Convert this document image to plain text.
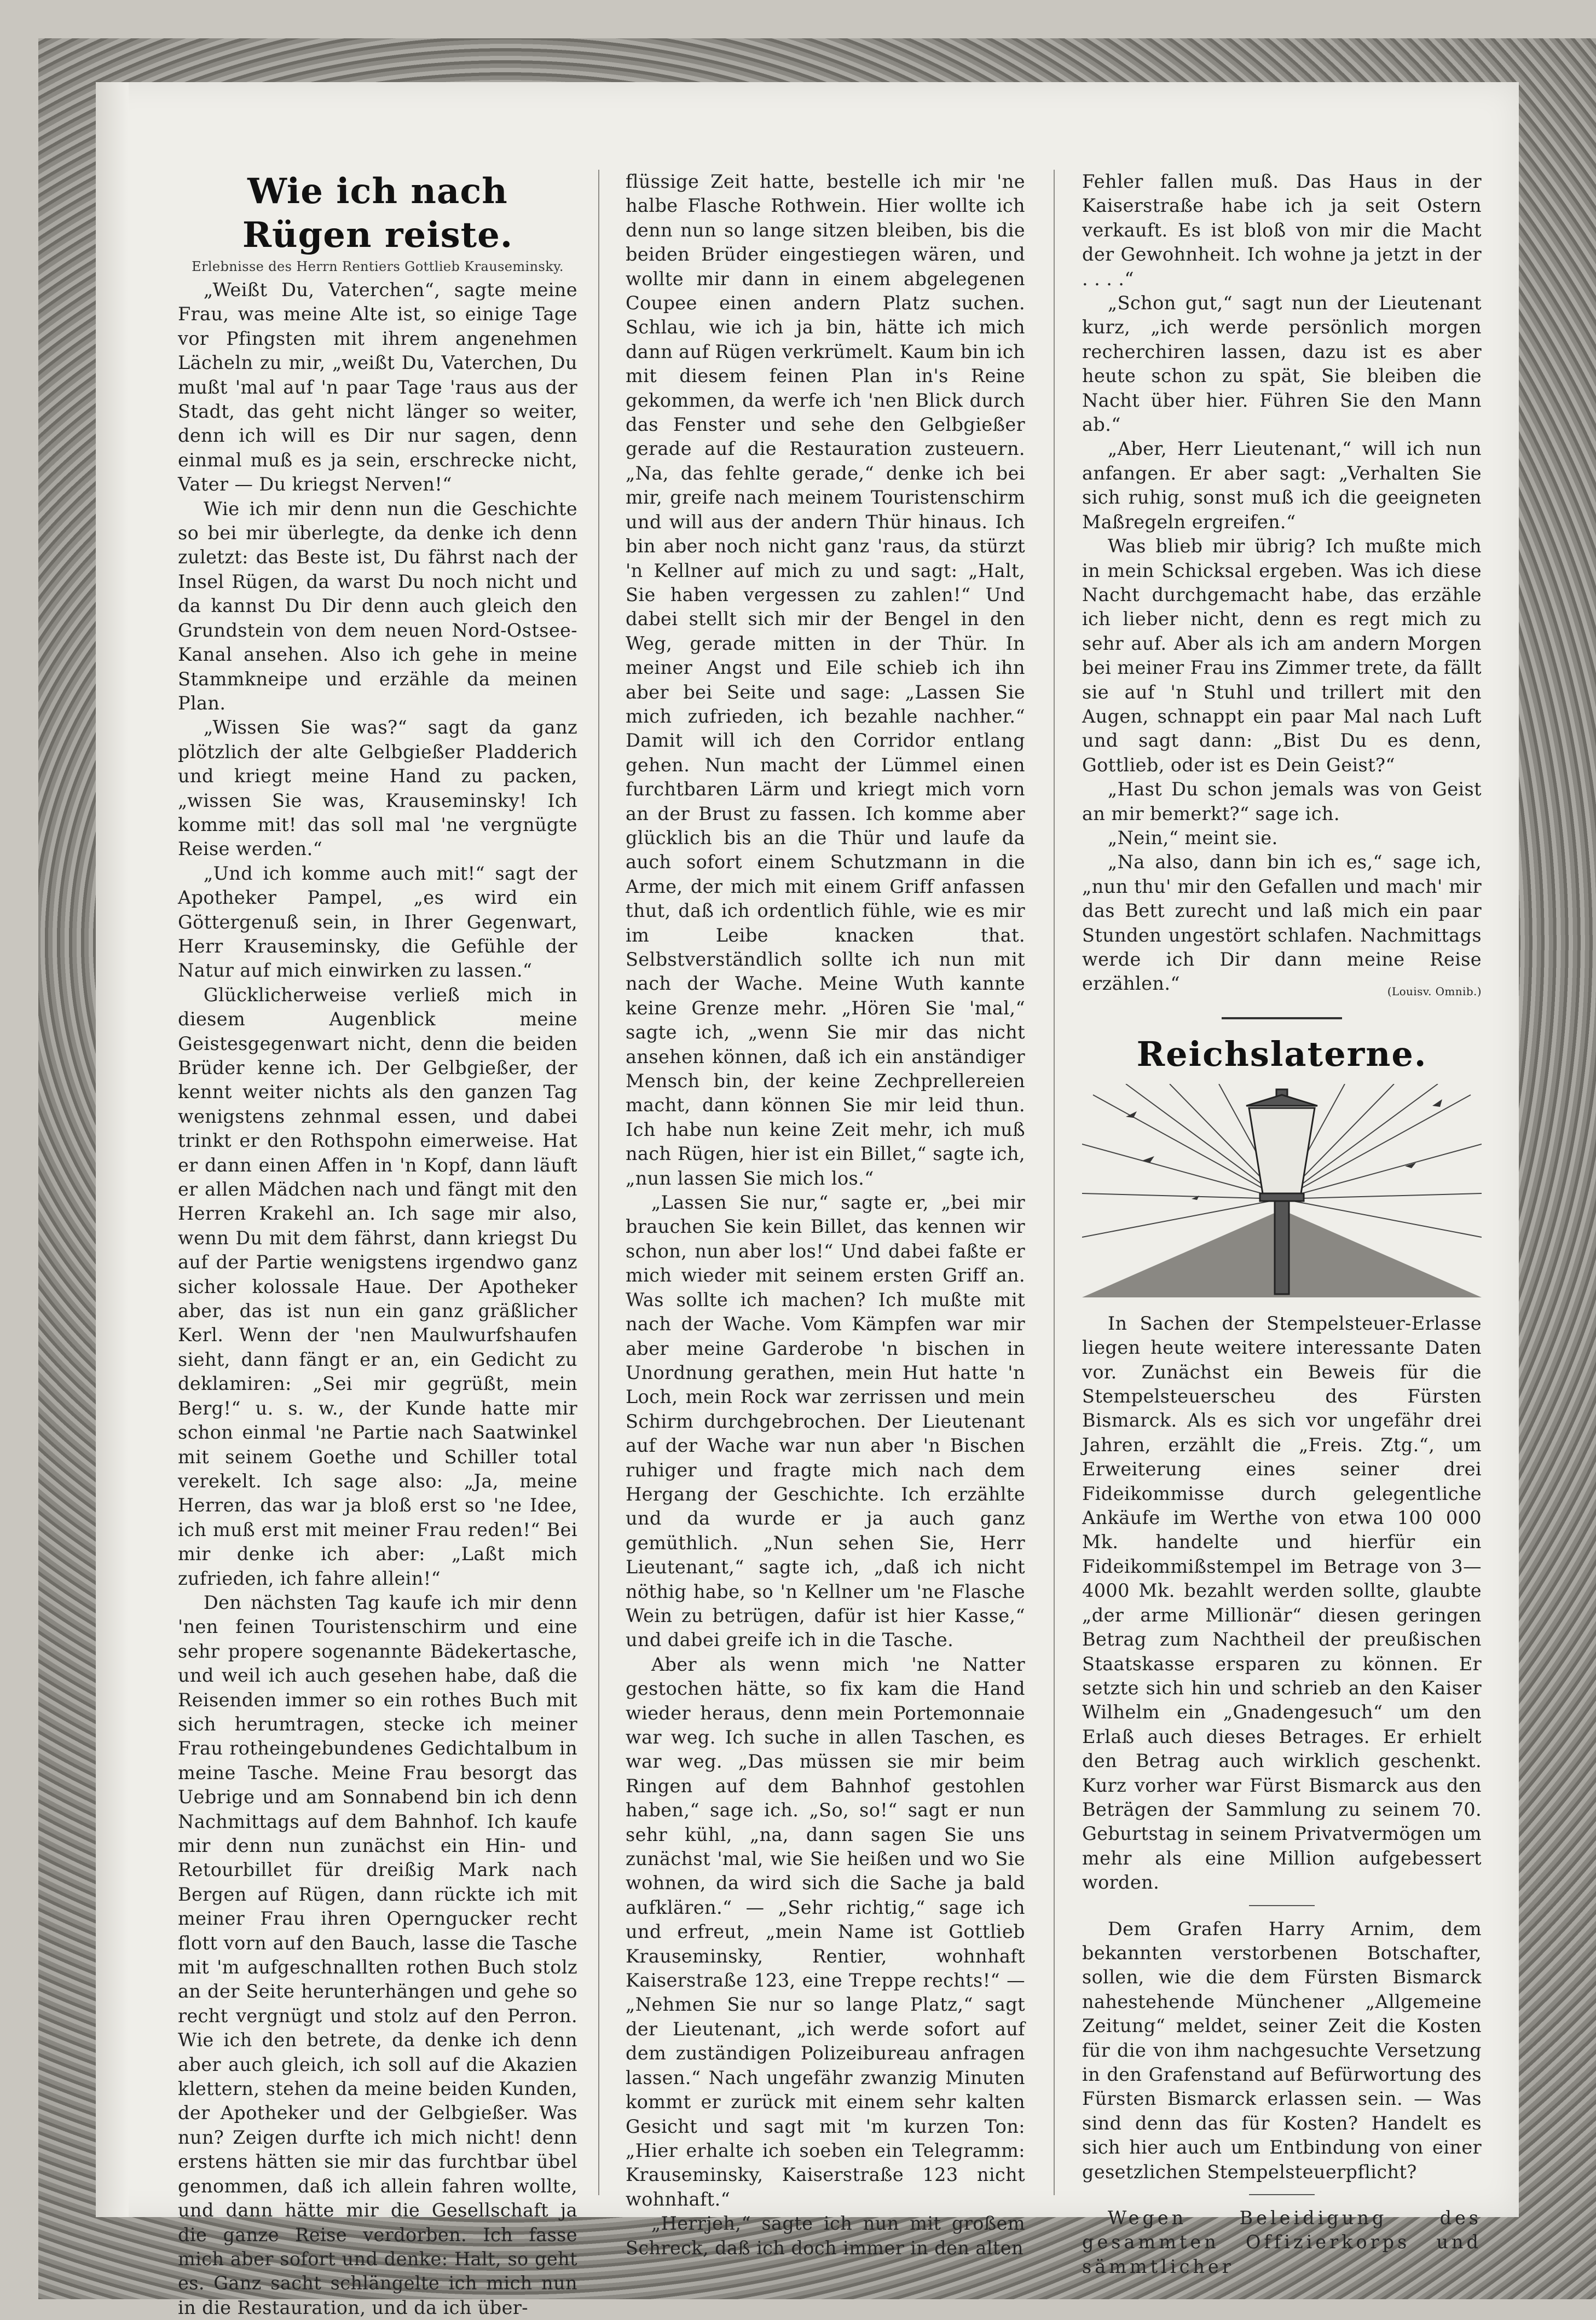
Wie ich nach Rügen reiste.

Erlebnisse des Herrn Rentiers Gottlieb Krauseminsky.

„Weißt Du, Vaterchen“, sagte meine Frau, was meine Alte ist, so einige Tage vor Pfingsten mit ihrem angenehmen Lächeln zu mir, „weißt Du, Vaterchen, Du mußt 'mal auf 'n paar Tage 'raus aus der Stadt, das geht nicht länger so weiter, denn ich will es Dir nur sagen, denn einmal muß es ja sein, erschrecke nicht, Vater — Du kriegst Nerven!“

Wie ich mir denn nun die Geschichte so bei mir überlegte, da denke ich denn zuletzt: das Beste ist, Du fährst nach der Insel Rügen, da warst Du noch nicht und da kannst Du Dir denn auch gleich den Grundstein von dem neuen Nord-Ostsee-Kanal ansehen. Also ich gehe in meine Stammkneipe und erzähle da meinen Plan.

„Wissen Sie was?“ sagt da ganz plötzlich der alte Gelbgießer Pladderich und kriegt meine Hand zu packen, „wissen Sie was, Krauseminsky! Ich komme mit! das soll mal 'ne vergnügte Reise werden.“

„Und ich komme auch mit!“ sagt der Apotheker Pampel, „es wird ein Göttergenuß sein, in Ihrer Gegenwart, Herr Krauseminsky, die Gefühle der Natur auf mich einwirken zu lassen.“

Glücklicherweise verließ mich in diesem Augenblick meine Geistesgegenwart nicht, denn die beiden Brüder kenne ich. Der Gelbgießer, der kennt weiter nichts als den ganzen Tag wenigstens zehnmal essen, und dabei trinkt er den Rothspohn eimerweise. Hat er dann einen Affen in 'n Kopf, dann läuft er allen Mädchen nach und fängt mit den Herren Krakehl an. Ich sage mir also, wenn Du mit dem fährst, dann kriegst Du auf der Partie wenigstens irgendwo ganz sicher kolossale Haue. Der Apotheker aber, das ist nun ein ganz gräßlicher Kerl. Wenn der 'nen Maulwurfshaufen sieht, dann fängt er an, ein Gedicht zu deklamiren: „Sei mir gegrüßt, mein Berg!“ u. s. w., der Kunde hatte mir schon einmal 'ne Partie nach Saatwinkel mit seinem Goethe und Schiller total verekelt. Ich sage also: „Ja, meine Herren, das war ja bloß erst so 'ne Idee, ich muß erst mit meiner Frau reden!“ Bei mir denke ich aber: „Laßt mich zufrieden, ich fahre allein!“

Den nächsten Tag kaufe ich mir denn 'nen feinen Touristenschirm und eine sehr propere sogenannte Bädekertasche, und weil ich auch gesehen habe, daß die Reisenden immer so ein rothes Buch mit sich herumtragen, stecke ich meiner Frau rotheingebundenes Gedichtalbum in meine Tasche. Meine Frau besorgt das Uebrige und am Sonnabend bin ich denn Nachmittags auf dem Bahnhof. Ich kaufe mir denn nun zunächst ein Hin- und Retourbillet für dreißig Mark nach Bergen auf Rügen, dann rückte ich mit meiner Frau ihren Operngucker recht flott vorn auf den Bauch, lasse die Tasche mit 'm aufgeschnallten rothen Buch stolz an der Seite herunterhängen und gehe so recht vergnügt und stolz auf den Perron. Wie ich den betrete, da denke ich denn aber auch gleich, ich soll auf die Akazien klettern, stehen da meine beiden Kunden, der Apotheker und der Gelbgießer. Was nun? Zeigen durfte ich mich nicht! denn erstens hätten sie mir das furchtbar übel genommen, daß ich allein fahren wollte, und dann hätte mir die Gesellschaft ja die ganze Reise verdorben. Ich fasse mich aber sofort und denke: Halt, so geht es. Ganz sacht schlängelte ich mich nun in die Restauration, und da ich über-

flüssige Zeit hatte, bestelle ich mir 'ne halbe Flasche Rothwein. Hier wollte ich denn nun so lange sitzen bleiben, bis die beiden Brüder eingestiegen wären, und wollte mir dann in einem abgelegenen Coupee einen andern Platz suchen. Schlau, wie ich ja bin, hätte ich mich dann auf Rügen verkrümelt. Kaum bin ich mit diesem feinen Plan in's Reine gekommen, da werfe ich 'nen Blick durch das Fenster und sehe den Gelbgießer gerade auf die Restauration zusteuern. „Na, das fehlte gerade,“ denke ich bei mir, greife nach meinem Touristenschirm und will aus der andern Thür hinaus. Ich bin aber noch nicht ganz 'raus, da stürzt 'n Kellner auf mich zu und sagt: „Halt, Sie haben vergessen zu zahlen!“ Und dabei stellt sich mir der Bengel in den Weg, gerade mitten in der Thür. In meiner Angst und Eile schieb ich ihn aber bei Seite und sage: „Lassen Sie mich zufrieden, ich bezahle nachher.“ Damit will ich den Corridor entlang gehen. Nun macht der Lümmel einen furchtbaren Lärm und kriegt mich vorn an der Brust zu fassen. Ich komme aber glücklich bis an die Thür und laufe da auch sofort einem Schutzmann in die Arme, der mich mit einem Griff anfassen thut, daß ich ordentlich fühle, wie es mir im Leibe knacken that. Selbstverständlich sollte ich nun mit nach der Wache. Meine Wuth kannte keine Grenze mehr. „Hören Sie 'mal,“ sagte ich, „wenn Sie mir das nicht ansehen können, daß ich ein anständiger Mensch bin, der keine Zechprellereien macht, dann können Sie mir leid thun. Ich habe nun keine Zeit mehr, ich muß nach Rügen, hier ist ein Billet,“ sagte ich, „nun lassen Sie mich los.“

„Lassen Sie nur,“ sagte er, „bei mir brauchen Sie kein Billet, das kennen wir schon, nun aber los!“ Und dabei faßte er mich wieder mit seinem ersten Griff an. Was sollte ich machen? Ich mußte mit nach der Wache. Vom Kämpfen war mir aber meine Garderobe 'n bischen in Unordnung gerathen, mein Hut hatte 'n Loch, mein Rock war zerrissen und mein Schirm durchgebrochen. Der Lieutenant auf der Wache war nun aber 'n Bischen ruhiger und fragte mich nach dem Hergang der Geschichte. Ich erzählte und da wurde er ja auch ganz gemüthlich. „Nun sehen Sie, Herr Lieutenant,“ sagte ich, „daß ich nicht nöthig habe, so 'n Kellner um 'ne Flasche Wein zu betrügen, dafür ist hier Kasse,“ und dabei greife ich in die Tasche.

Aber als wenn mich 'ne Natter gestochen hätte, so fix kam die Hand wieder heraus, denn mein Portemonnaie war weg. Ich suche in allen Taschen, es war weg. „Das müssen sie mir beim Ringen auf dem Bahnhof gestohlen haben,“ sage ich. „So, so!“ sagt er nun sehr kühl, „na, dann sagen Sie uns zunächst 'mal, wie Sie heißen und wo Sie wohnen, da wird sich die Sache ja bald aufklären.“ — „Sehr richtig,“ sage ich und erfreut, „mein Name ist Gottlieb Krauseminsky, Rentier, wohnhaft Kaiserstraße 123, eine Treppe rechts!“ — „Nehmen Sie nur so lange Platz,“ sagt der Lieutenant, „ich werde sofort auf dem zuständigen Polizeibureau anfragen lassen.“ Nach ungefähr zwanzig Minuten kommt er zurück mit einem sehr kalten Gesicht und sagt mit 'm kurzen Ton: „Hier erhalte ich soeben ein Telegramm: Krauseminsky, Kaiserstraße 123 nicht wohnhaft.“

„Herrjeh,“ sagte ich nun mit großem Schreck, daß ich doch immer in den alten

Fehler fallen muß. Das Haus in der Kaiserstraße habe ich ja seit Ostern verkauft. Es ist bloß von mir die Macht der Gewohnheit. Ich wohne ja jetzt in der . . . .“

„Schon gut,“ sagt nun der Lieutenant kurz, „ich werde persönlich morgen recherchiren lassen, dazu ist es aber heute schon zu spät, Sie bleiben die Nacht über hier. Führen Sie den Mann ab.“

„Aber, Herr Lieutenant,“ will ich nun anfangen. Er aber sagt: „Verhalten Sie sich ruhig, sonst muß ich die geeigneten Maßregeln ergreifen.“

Was blieb mir übrig? Ich mußte mich in mein Schicksal ergeben. Was ich diese Nacht durchgemacht habe, das erzähle ich lieber nicht, denn es regt mich zu sehr auf. Aber als ich am andern Morgen bei meiner Frau ins Zimmer trete, da fällt sie auf 'n Stuhl und trillert mit den Augen, schnappt ein paar Mal nach Luft und sagt dann: „Bist Du es denn, Gottlieb, oder ist es Dein Geist?“

„Hast Du schon jemals was von Geist an mir bemerkt?“ sage ich.

„Nein,“ meint sie.

„Na also, dann bin ich es,“ sage ich, „nun thu' mir den Gefallen und mach' mir das Bett zurecht und laß mich ein paar Stunden ungestört schlafen. Nachmittags werde ich Dir dann meine Reise erzählen.“	(Louisv. Omnib.)

Reichslaterne.

In Sachen der Stempelsteuer-Erlasse liegen heute weitere interessante Daten vor. Zunächst ein Beweis für die Stempelsteuerscheu des Fürsten Bismarck. Als es sich vor ungefähr drei Jahren, erzählt die „Freis. Ztg.“, um Erweiterung eines seiner drei Fideikommisse durch gelegentliche Ankäufe im Werthe von etwa 100 000 Mk. handelte und hierfür ein Fideikommißstempel im Betrage von 3—4000 Mk. bezahlt werden sollte, glaubte „der arme Millionär“ diesen geringen Betrag zum Nachtheil der preußischen Staatskasse ersparen zu können. Er setzte sich hin und schrieb an den Kaiser Wilhelm ein „Gnadengesuch“ um den Erlaß auch dieses Betrages. Er erhielt den Betrag auch wirklich geschenkt. Kurz vorher war Fürst Bismarck aus den Beträgen der Sammlung zu seinem 70. Geburtstag in seinem Privatvermögen um mehr als eine Million aufgebessert worden.

Dem Grafen Harry Arnim, dem bekannten verstorbenen Botschafter, sollen, wie die dem Fürsten Bismarck nahestehende Münchener „Allgemeine Zeitung“ meldet, seiner Zeit die Kosten für die von ihm nachgesuchte Versetzung in den Grafenstand auf Befürwortung des Fürsten Bismarck erlassen sein. — Was sind denn das für Kosten? Handelt es sich hier auch um Entbindung von einer gesetzlichen Stempelsteuerpflicht?

Wegen Beleidigung des gesammten Offizierkorps und sämmtlicher
